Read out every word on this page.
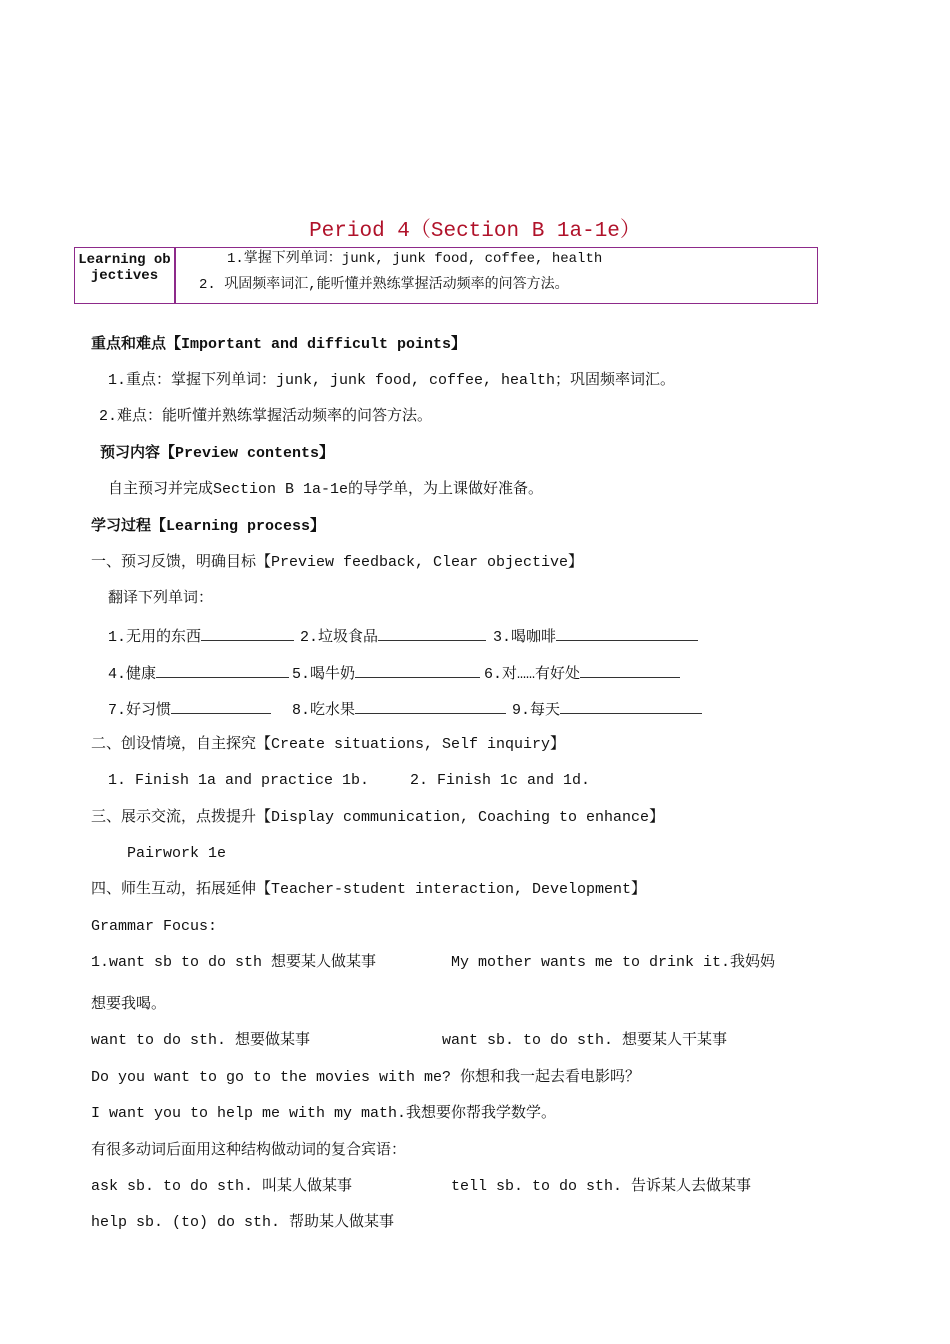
Period 4（Section B 1a-1e）
Learning objectives
1.掌握下列单词：junk, junk food, coffee, health
2. 巩固频率词汇,能听懂并熟练掌握活动频率的问答方法。
重点和难点【Important and difficult points】
1.重点：掌握下列单词：junk, junk food, coffee, health；巩固频率词汇。
2.难点：能听懂并熟练掌握活动频率的问答方法。
预习内容【Preview contents】
自主预习并完成Section B 1a-1e的导学单，为上课做好准备。
学习过程【Learning process】
一、预习反馈，明确目标【Preview feedback, Clear objective】
翻译下列单词：
1.无用的东西	2.垃圾食品	3.喝咖啡
4.健康	5.喝牛奶	6.对……有好处
7.好习惯	8.吃水果	9.每天
二、创设情境，自主探究【Create situations, Self inquiry】
1. Finish 1a and practice 1b.	2. Finish 1c and 1d.
三、展示交流，点拨提升【Display communication, Coaching to enhance】
Pairwork 1e
四、师生互动，拓展延伸【Teacher-student interaction, Development】
Grammar Focus:
1.want sb to do sth 想要某人做某事	My mother wants me to drink it.我妈妈
想要我喝。
want to do sth. 想要做某事	want sb. to do sth. 想要某人干某事
Do you want to go to the movies with me? 你想和我一起去看电影吗？
I want you to help me with my math.我想要你帮我学数学。
有很多动词后面用这种结构做动词的复合宾语：
ask sb. to do sth. 叫某人做某事	tell sb. to do sth. 告诉某人去做某事
help sb. (to) do sth. 帮助某人做某事
